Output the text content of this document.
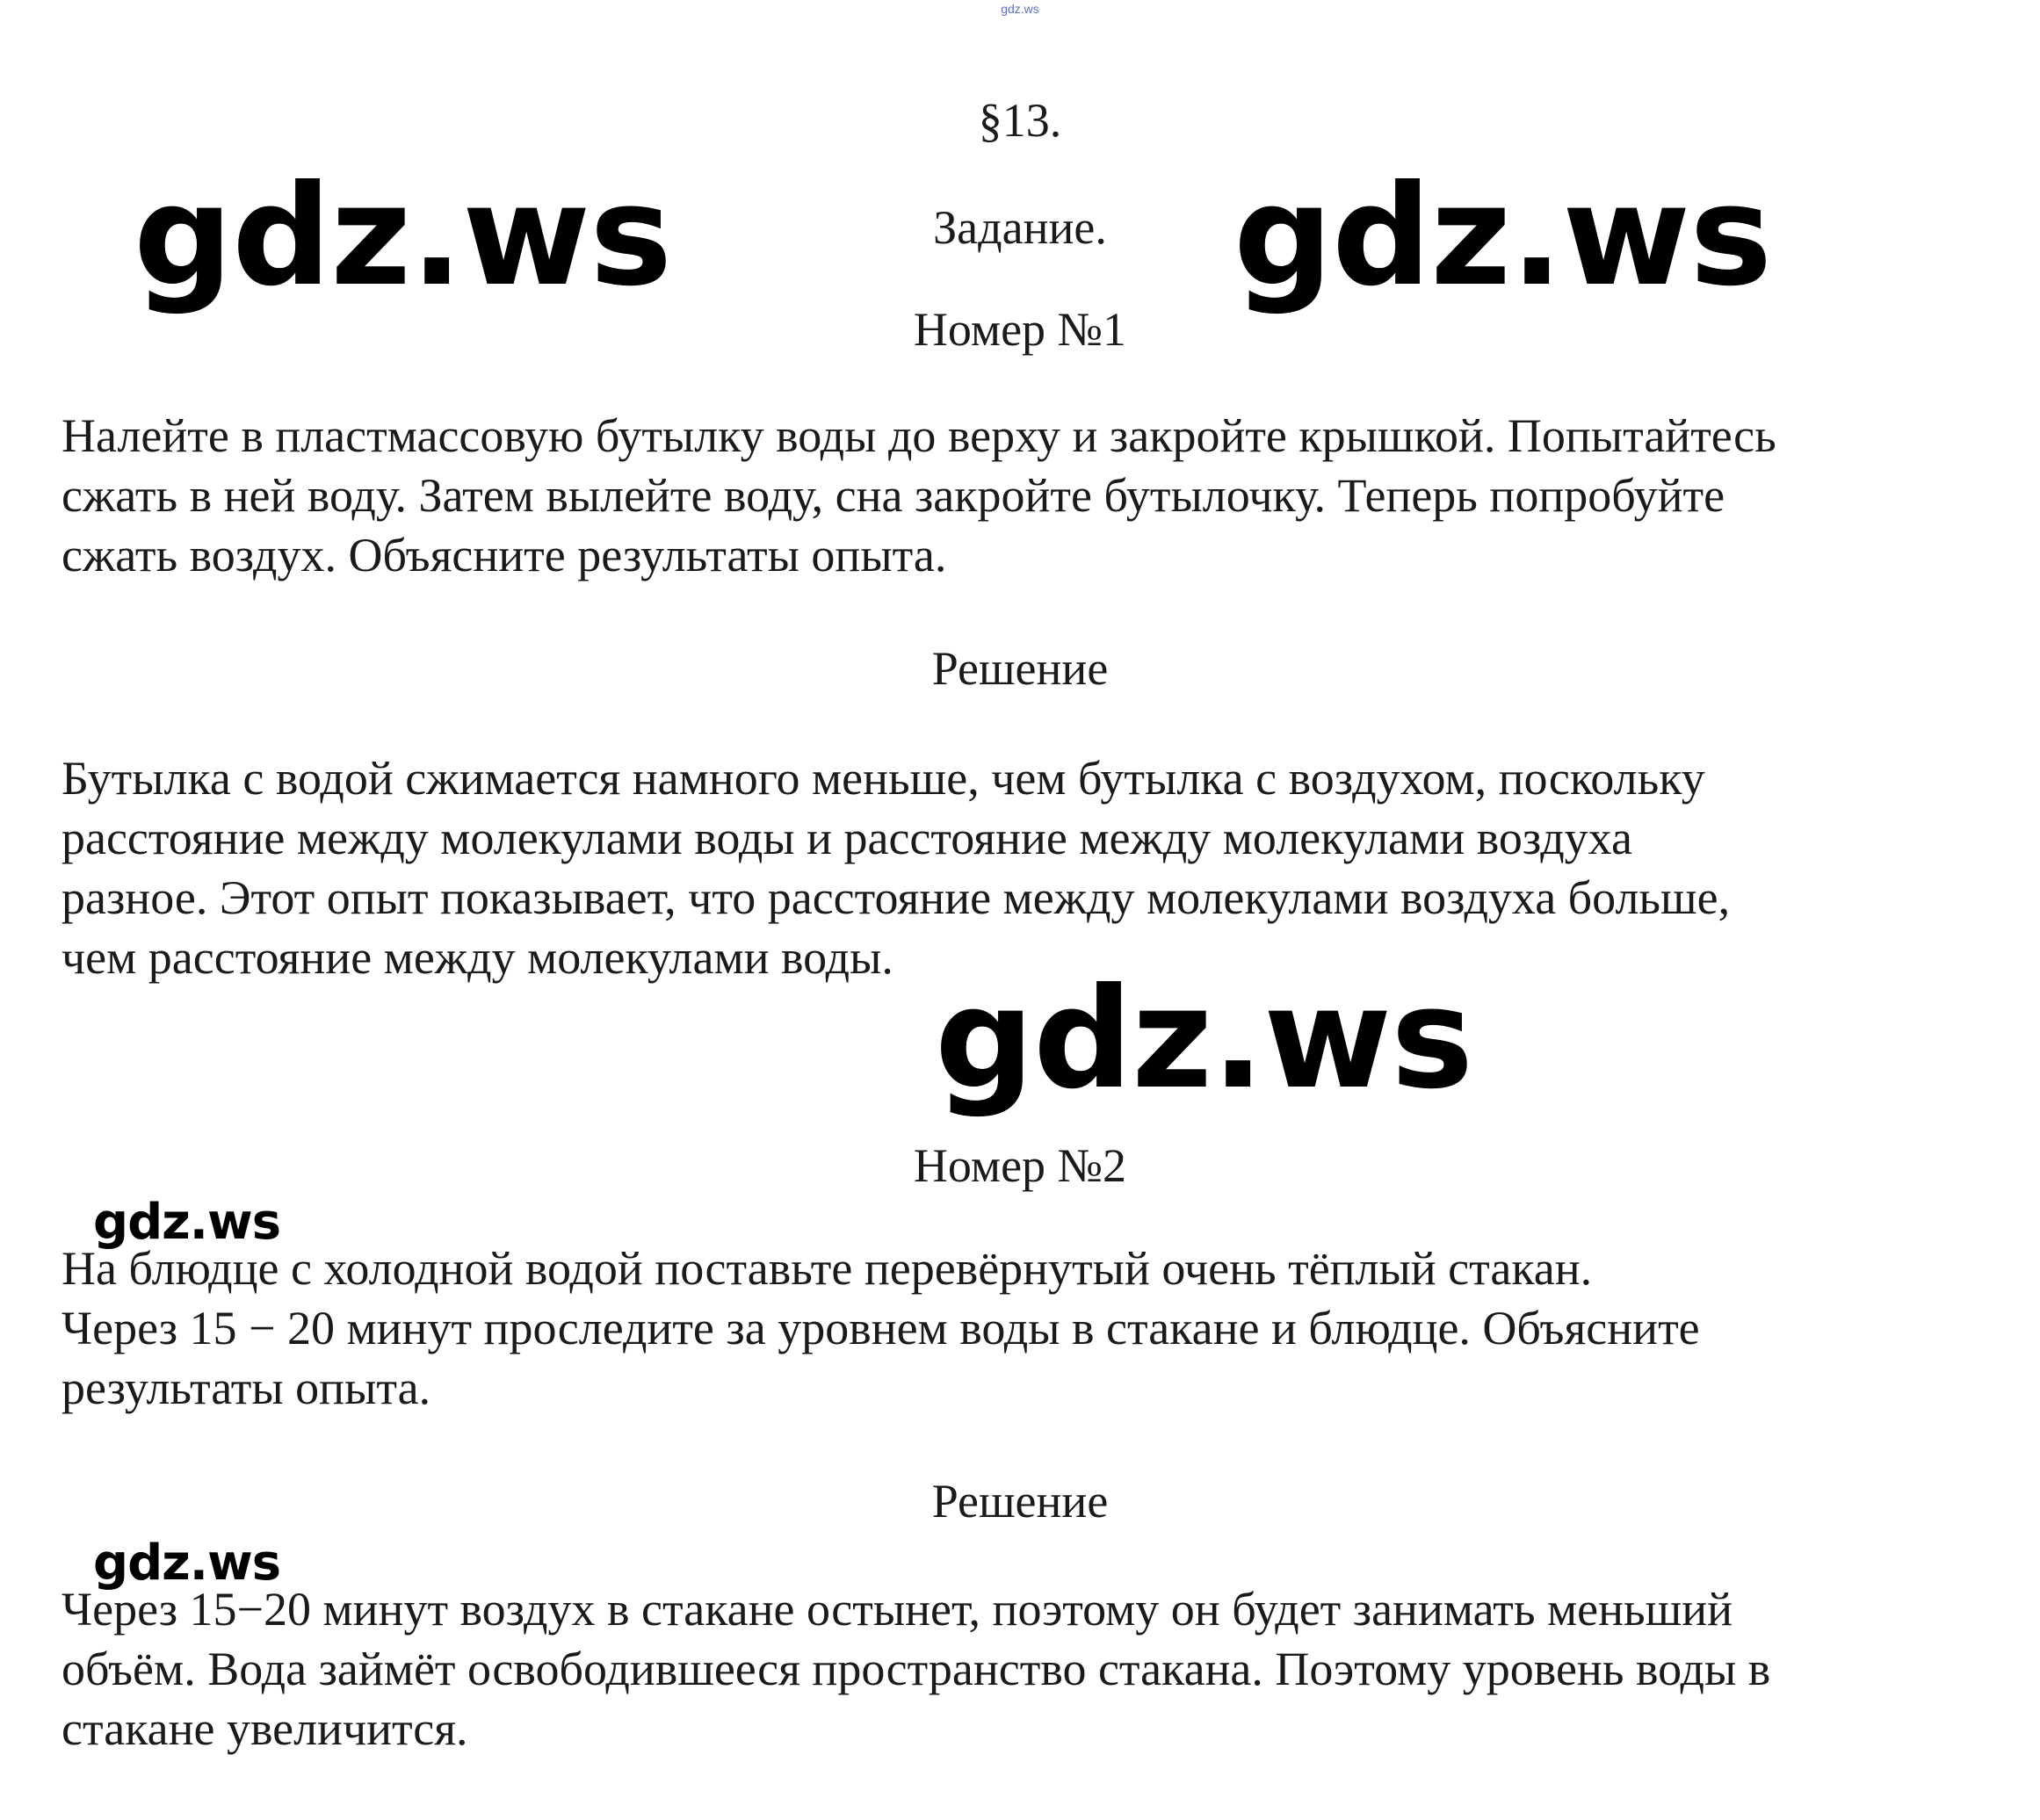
gdz.ws
§13.
Задание.
gdz.ws	gdz.ws
Номер №1
Налейте в пластмассовую бутылку воды до верху и закройте крышкой. Попытайтесь
сжать в ней воду. Затем вылейте воду, сна закройте бутылочку. Теперь попробуйте
сжать воздух. Объясните результаты опыта.
Решение
Бутылка с водой сжимается намного меньше, чем бутылка с воздухом, поскольку
расстояние между молекулами воды и расстояние между молекулами воздуха
разное. Этот опыт показывает, что расстояние между молекулами воздуха больше,
чем расстояние между молекулами воды.
gdz.ws
Номер №2
gdz.ws
На блюдце с холодной водой поставьте перевёрнутый очень тёплый стакан.
Через 15 − 20 минут проследите за уровнем воды в стакане и блюдце. Объясните
результаты опыта.
Решение
gdz.ws
Через 15−20 минут воздух в стакане остынет, поэтому он будет занимать меньший
объём. Вода займёт освободившееся пространство стакана. Поэтому уровень воды в
стакане увеличится.
